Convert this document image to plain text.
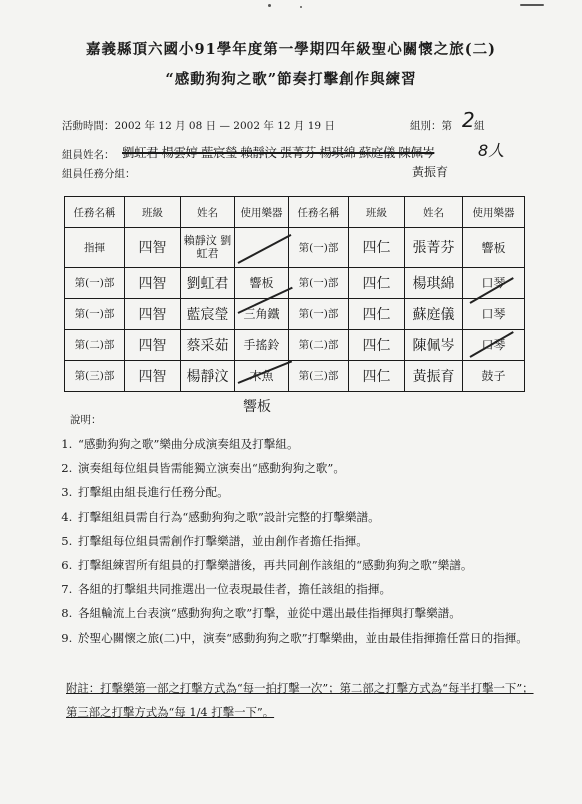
嘉義縣頂六國小91學年度第一學期四年級聖心關懷之旅(二)
“感動狗狗之歌”節奏打擊創作與練習
活動時間：2002 年 12 月 08 日 — 2002 年 12 月 19 日	組別：第 組
2
組員姓名： 劉虹君 楊雲婷 藍宸瑩 賴靜汶 張菁芬 楊琪綿 蘇庭儀 陳佩岑	8人
黃振育
組員任務分組：
任務名稱	班級	姓名	使用樂器	任務名稱	班級	姓名	使用樂器
指揮	四智	賴靜汶 劉虹君		第(一)部	四仁	張菁芬	響板
第(一)部	四智	劉虹君	響板	第(一)部	四仁	楊琪綿	口琴
第(一)部	四智	藍宸瑩	三角鐵	第(一)部	四仁	蘇庭儀	口琴
第(二)部	四智	蔡采茹	手搖鈴	第(二)部	四仁	陳佩岑	口琴
第(三)部	四智	楊靜汶	木魚	第(三)部	四仁	黃振育	鼓子
響板
說明：
1. “感動狗狗之歌”樂曲分成演奏組及打擊組。
2. 演奏組每位組員皆需能獨立演奏出“感動狗狗之歌”。
3. 打擊組由組長進行任務分配。
4. 打擊組組員需自行為“感動狗狗之歌”設計完整的打擊樂譜。
5. 打擊組每位組員需創作打擊樂譜，並由創作者擔任指揮。
6. 打擊組練習所有組員的打擊樂譜後，再共同創作該組的“感動狗狗之歌”樂譜。
7. 各組的打擊組共同推選出一位表現最佳者，擔任該組的指揮。
8. 各組輪流上台表演“感動狗狗之歌”打擊，並從中選出最佳指揮與打擊樂譜。
9. 於聖心關懷之旅(二)中，演奏“感動狗狗之歌”打擊樂曲，並由最佳指揮擔任當日的指揮。
附註：打擊樂第一部之打擊方式為“每一拍打擊一次”；第二部之打擊方式為“每半打擊一下”；第三部之打擊方式為“每 1/4 打擊一下”。
